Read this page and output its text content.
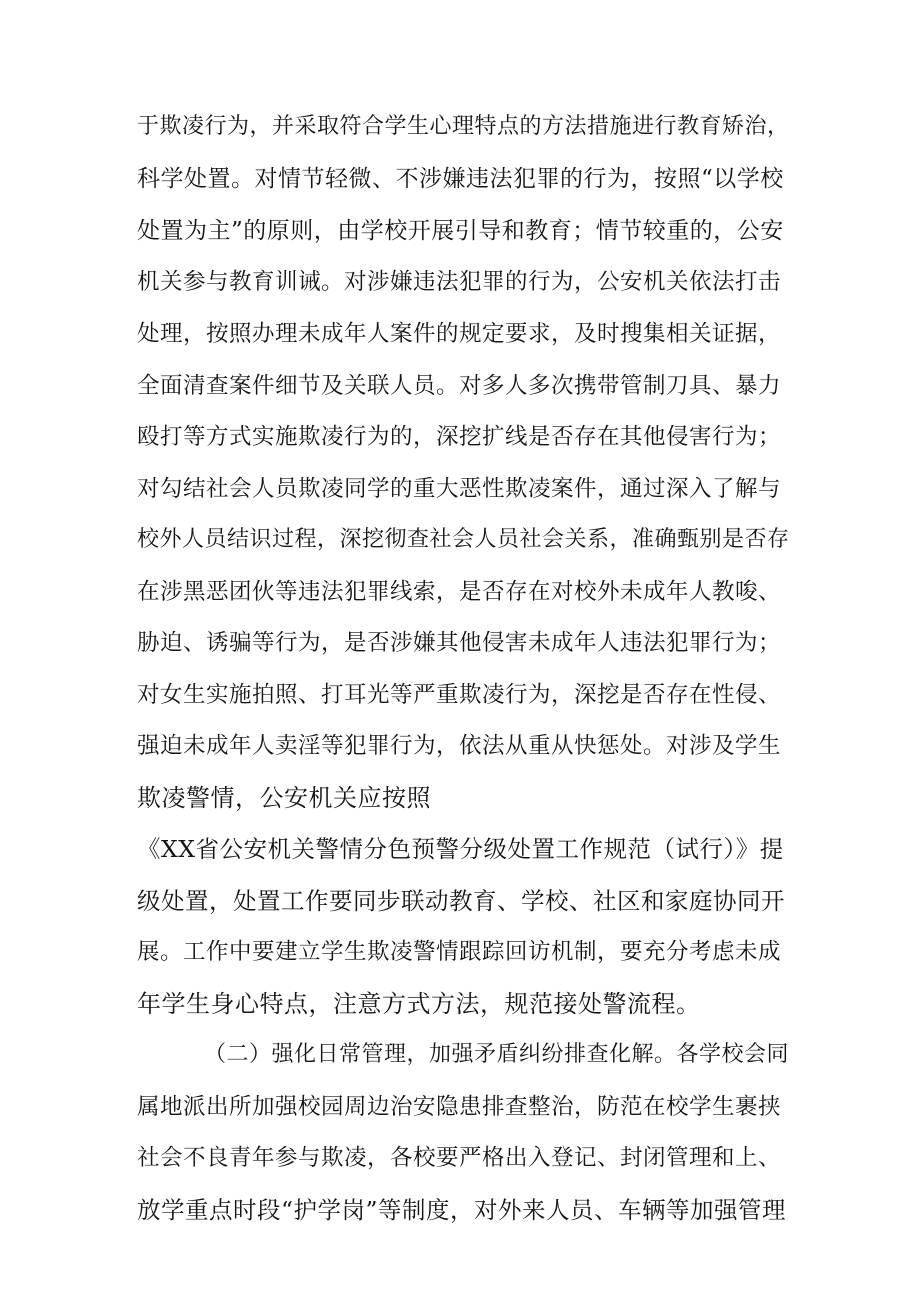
于欺凌行为，并采取符合学生心理特点的方法措施进行教育矫治，
科学处置。对情节轻微、不涉嫌违法犯罪的行为，按照“以学校
处置为主”的原则，由学校开展引导和教育；情节较重的，公安
机关参与教育训诫。对涉嫌违法犯罪的行为，公安机关依法打击
处理，按照办理未成年人案件的规定要求，及时搜集相关证据，
全面清查案件细节及关联人员。对多人多次携带管制刀具、暴力
殴打等方式实施欺凌行为的，深挖扩线是否存在其他侵害行为；
对勾结社会人员欺凌同学的重大恶性欺凌案件，通过深入了解与
校外人员结识过程，深挖彻查社会人员社会关系，准确甄别是否存
在涉黑恶团伙等违法犯罪线索，是否存在对校外未成年人教唆、
胁迫、诱骗等行为，是否涉嫌其他侵害未成年人违法犯罪行为；
对女生实施拍照、打耳光等严重欺凌行为，深挖是否存在性侵、
强迫未成年人卖淫等犯罪行为，依法从重从快惩处。对涉及学生
欺凌警情，公安机关应按照
《XX省公安机关警情分色预警分级处置工作规范（试行）》提
级处置，处置工作要同步联动教育、学校、社区和家庭协同开
展。工作中要建立学生欺凌警情跟踪回访机制，要充分考虑未成
年学生身心特点，注意方式方法，规范接处警流程。
（二）强化日常管理，加强矛盾纠纷排查化解。各学校会同
属地派出所加强校园周边治安隐患排查整治，防范在校学生裹挟
社会不良青年参与欺凌，各校要严格出入登记、封闭管理和上、
放学重点时段“护学岗”等制度，对外来人员、车辆等加强管理
